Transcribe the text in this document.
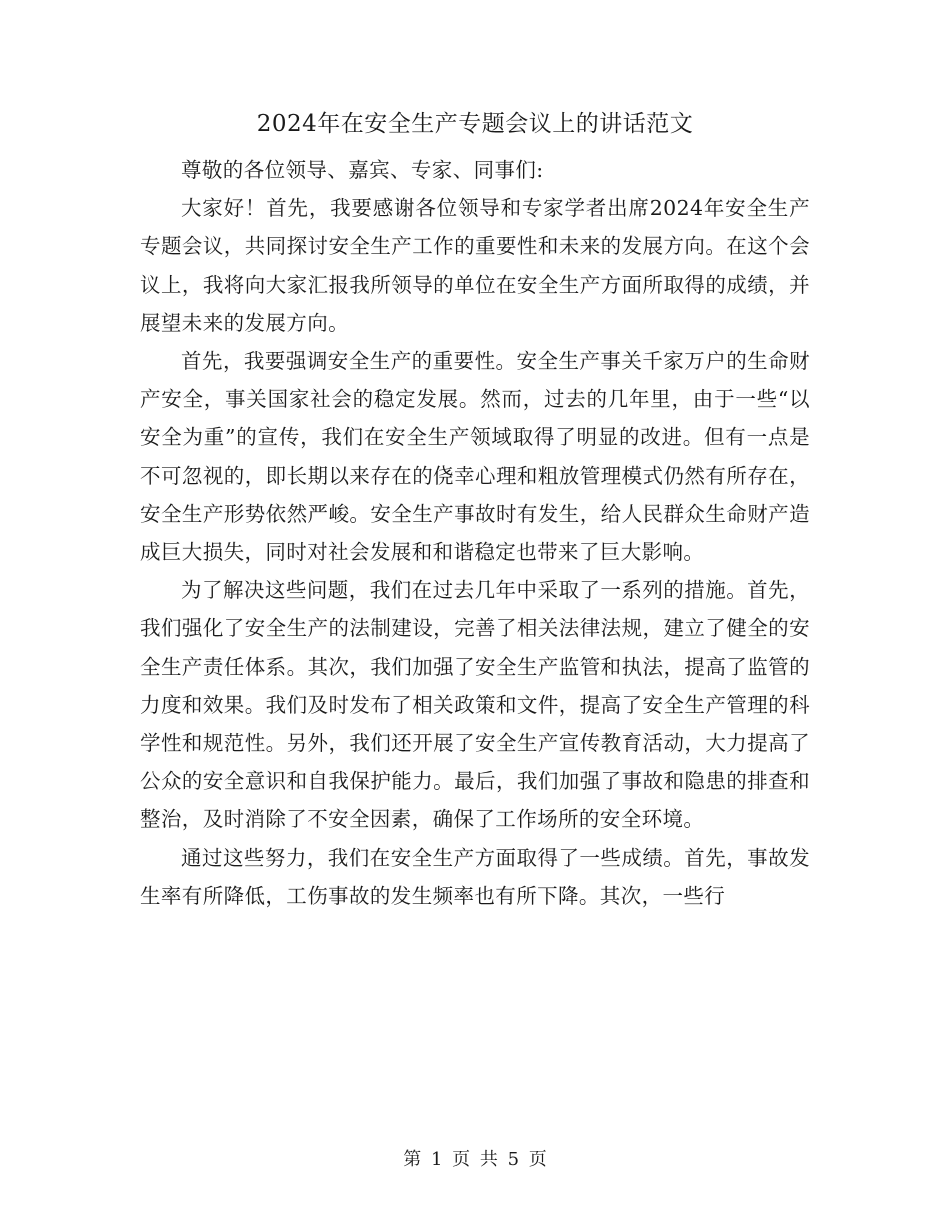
2024年在安全生产专题会议上的讲话范文

尊敬的各位领导、嘉宾、专家、同事们:

大家好！首先，我要感谢各位领导和专家学者出席2024年安全生产专题会议，共同探讨安全生产工作的重要性和未来的发展方向。在这个会议上，我将向大家汇报我所领导的单位在安全生产方面所取得的成绩，并展望未来的发展方向。

首先，我要强调安全生产的重要性。安全生产事关千家万户的生命财产安全，事关国家社会的稳定发展。然而，过去的几年里，由于一些“以安全为重”的宣传，我们在安全生产领域取得了明显的改进。但有一点是不可忽视的，即长期以来存在的侥幸心理和粗放管理模式仍然有所存在，安全生产形势依然严峻。安全生产事故时有发生，给人民群众生命财产造成巨大损失，同时对社会发展和和谐稳定也带来了巨大影响。

为了解决这些问题，我们在过去几年中采取了一系列的措施。首先，我们强化了安全生产的法制建设，完善了相关法律法规，建立了健全的安全生产责任体系。其次，我们加强了安全生产监管和执法，提高了监管的力度和效果。我们及时发布了相关政策和文件，提高了安全生产管理的科学性和规范性。另外，我们还开展了安全生产宣传教育活动，大力提高了公众的安全意识和自我保护能力。最后，我们加强了事故和隐患的排查和整治，及时消除了不安全因素，确保了工作场所的安全环境。

通过这些努力，我们在安全生产方面取得了一些成绩。首先，事故发生率有所降低，工伤事故的发生频率也有所下降。其次，一些行

第 1 页 共 5 页
